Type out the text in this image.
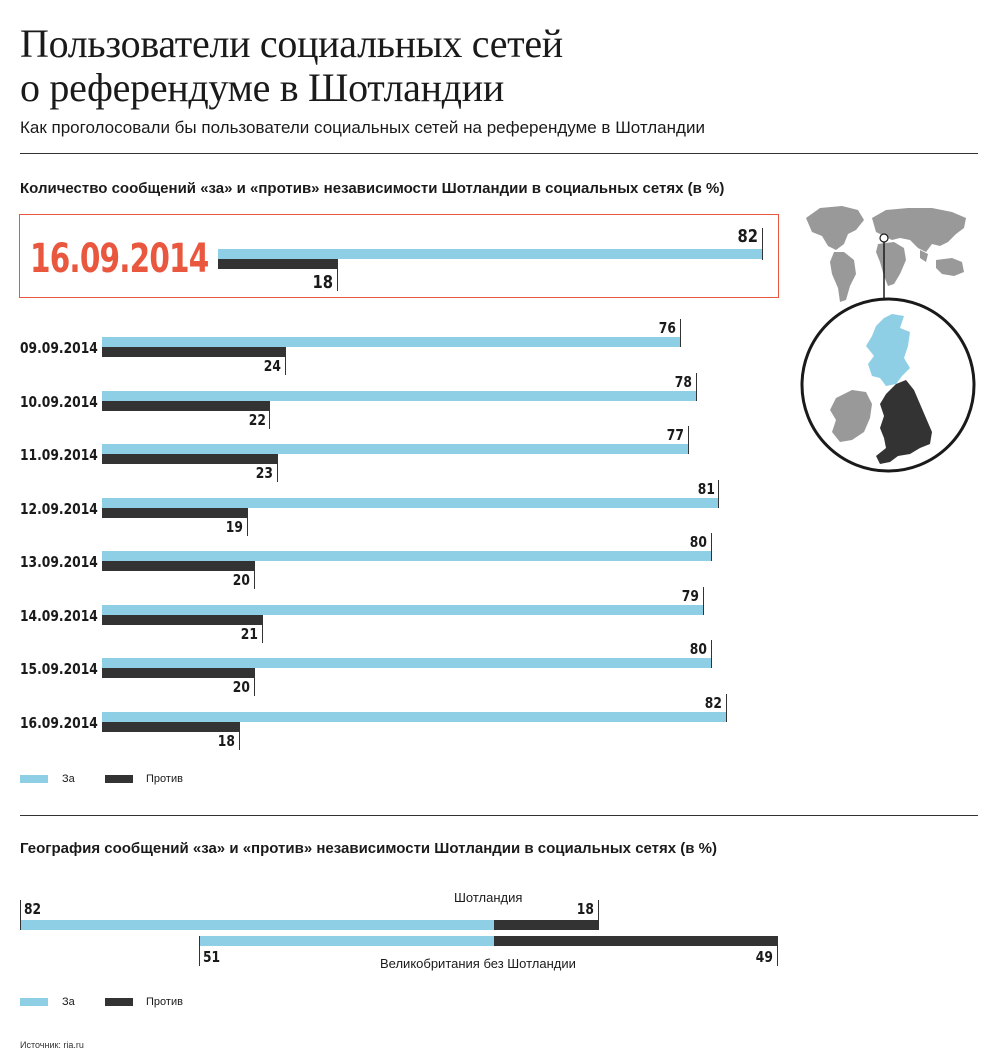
Пользователи социальных сетей
о референдуме в Шотландии
Как проголосовали бы пользователи социальных сетей на референдуме в Шотландии
Количество сообщений «за» и «против» независимости Шотландии в социальных сетях (в %)
16.09.2014	82
18
09.09.2014
76
24
10.09.2014
78
22
11.09.2014
77
23
12.09.2014
81
19
13.09.2014
80
20
14.09.2014
79
21
15.09.2014
80
20
16.09.2014
82
18
За	Против
География сообщений «за» и «против» независимости Шотландии в социальных сетях (в %)
82	18
Шотландия
51	49
Великобритания без Шотландии
За	Против
Источник: ria.ru
